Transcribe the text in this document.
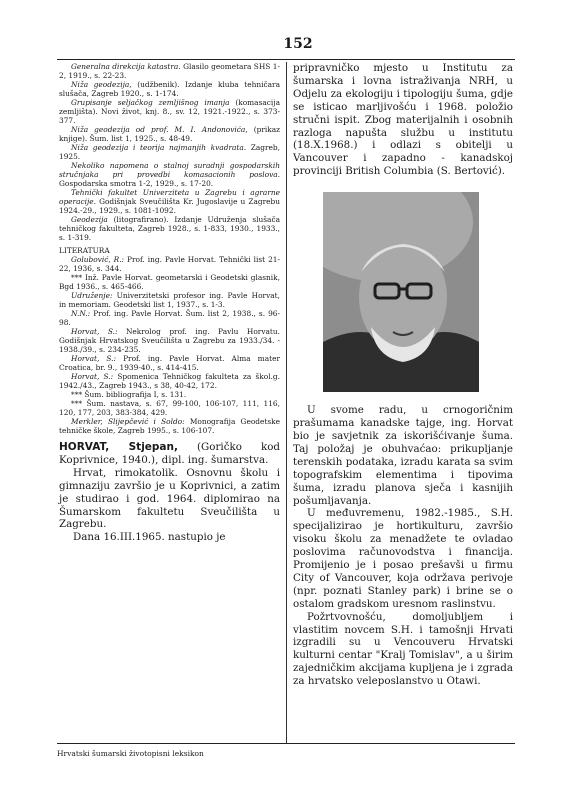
152

Generalna direkcija katastra. Glasilo geometara SHS 1-2, 1919., s. 22-23.

Niža geodezija, (udžbenik). Izdanje kluba tehničara slušača, Zagreb 1920., s. 1-174.

Grupisanje seljačkog zemljišnog imanja (komasacija zemljišta). Novi život, knj. 8., sv. 12, 1921.-1922., s. 373-377.

Niža geodezija od prof. M. I. Andonovića, (prikaz knjige). Šum. list 1, 1925., s. 48-49.

Niža geodezija i teorija najmanjih kvadrata. Zagreb, 1925.

Nekoliko napomena o stalnoj suradnji gospodarskih stručnjaka pri provedbi komasacionih poslova. Gospodarska smotra 1-2, 1929., s. 17-20.

Tehnički fakultet Univerziteta u Zagrebu i agrarne operacije. Godišnjak Sveučilišta Kr. Jugoslavije u Zagrebu 1924.-29., 1929., s. 1081-1092.

Geodezija (litografirano). Izdanje Udruženja slušača tehničkog fakulteta, Zagreb 1928., s. 1-833, 1930., 1933., s. 1-319.

LITERATURA

Golubović, R.: Prof. ing. Pavle Horvat. Tehnički list 21-22, 1936, s. 344.

*** Inž. Pavle Horvat. geometarski i Geodetski glasnik, Bgd 1936., s. 465-466.

Udruženje: Univerzitetski profesor ing. Pavle Horvat, in memoriam. Geodetski list 1, 1937., s. 1-3.

N.N.: Prof. ing. Pavle Horvat. Šum. list 2, 1938., s. 96-98.

Horvat, S.: Nekrolog prof. ing. Pavlu Horvatu. Godišnjak Hrvatskog Sveučilišta u Zagrebu za 1933./34. - 1938./39., s. 234-235.

Horvat, S.: Prof. ing. Pavle Horvat. Alma mater Croatica, br. 9., 1939-40., s. 414-415.

Horvat, S.: Spomenica Tehničkog fakulteta za škol.g. 1942./43., Zagreb 1943., s 38, 40-42, 172.

*** Šum. bibliografija I, s. 131.

*** Šum. nastava, s. 67, 99-100, 106-107, 111, 116, 120, 177, 203, 383-384, 429.

Merkler, Slijepčević i Soldo: Monografija Geodetske tehničke škole, Zagreb 1995., s. 106-107.

HORVAT, Stjepan, (Goričko kod Koprivnice, 1940.), dipl. ing. šumarstva.

Hrvat, rimokatolik. Osnovnu školu i gimnaziju završio je u Koprivnici, a zatim je studirao i god. 1964. diplomirao na Šumarskom fakultetu Sveučilišta u Zagrebu.

Dana 16.III.1965. nastupio je

pripravničko mjesto u Institutu za šumarska i lovna istraživanja NRH, u Odjelu za ekologiju i tipologiju šuma, gdje se isticao marljivošću i 1968. položio stručni ispit. Zbog materijalnih i osobnih razloga napušta službu u institutu (18.X.1968.) i odlazi s obitelji u Vancouver i zapadno - kanadskoj provinciji British Columbia (S. Bertović).

U svome radu, u crnogoričnim prašumama kanadske tajge, ing. Horvat bio je savjetnik za iskorišćivanje šuma. Taj položaj je obuhvaćao: prikupljanje terenskih podataka, izradu karata sa svim topografskim elementima i tipovima šuma, izradu planova sječa i kasnijih pošumljavanja.

U međuvremenu, 1982.-1985., S.H. specijalizirao je hortikulturu, završio visoku školu za menadžete te ovladao poslovima računovodstva i financija. Promijenio je i posao prešavši u firmu City of Vancouver, koja održava perivoje (npr. poznati Stanley park) i brine se o ostalom gradskom uresnom raslinstvu.

Požrtvovnošću, domoljubljem i vlastitim novcem S.H. i tamošnji Hrvati izgradili su u Vencouveru Hrvatski kulturni centar "Kralj Tomislav", a u širim zajedničkim akcijama kupljena je i zgrada za hrvatsko veleposlanstvo u Otawi.

Hrvatski šumarski životopisni leksikon
